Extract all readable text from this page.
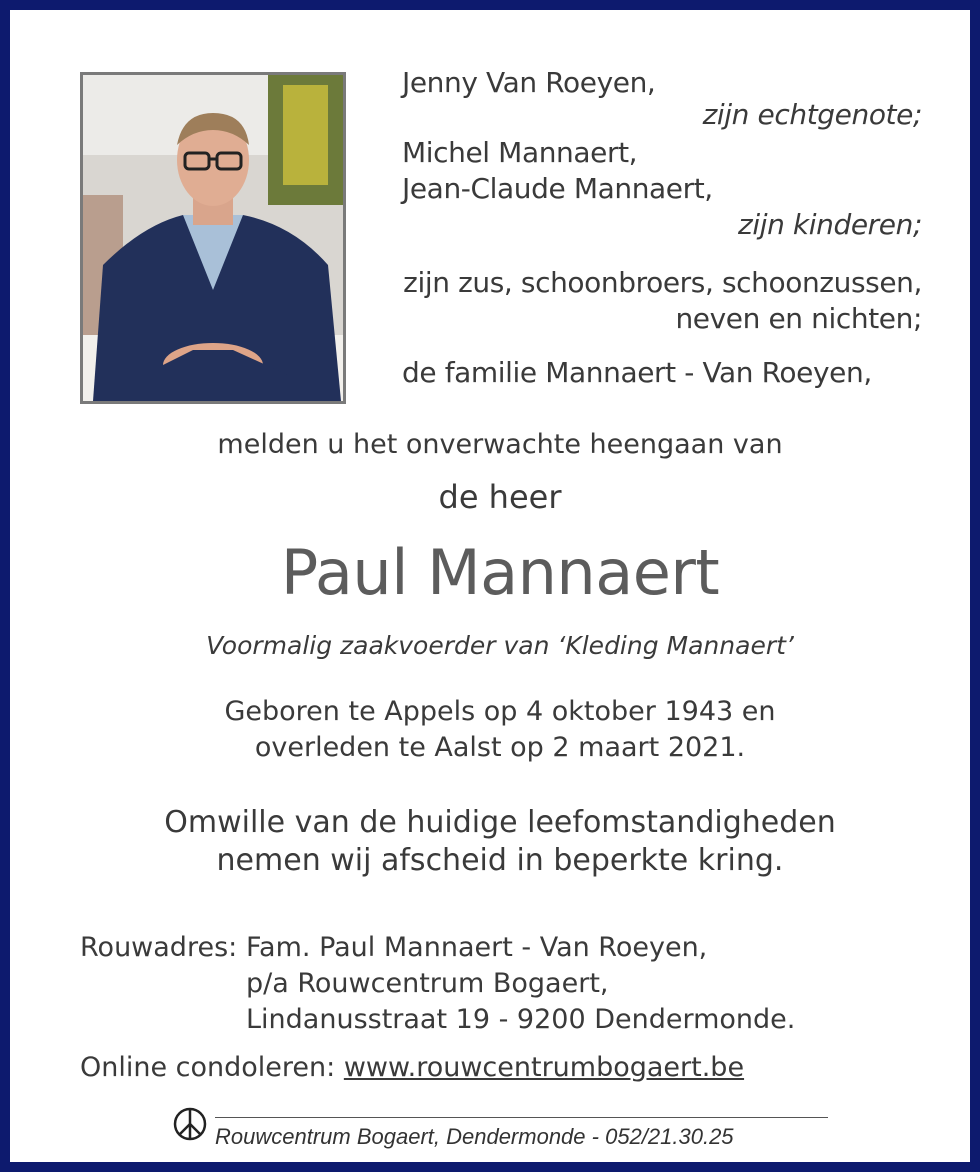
Jenny Van Roeyen,

zijn echtgenote;

Michel Mannaert,

Jean-Claude Mannaert,

zijn kinderen;

zijn zus, schoonbroers, schoonzussen,

neven en nichten;

de familie Mannaert - Van Roeyen,

melden u het onverwachte heengaan van

de heer

Paul Mannaert

Voormalig zaakvoerder van ‘Kleding Mannaert’

Geboren te Appels op 4 oktober 1943 en
overleden te Aalst op 2 maart 2021.
Omwille van de huidige leefomstandigheden
nemen wij afscheid in beperkte kring.

Rouwadres: Fam. Paul Mannaert - Van Roeyen,

p/a Rouwcentrum Bogaert,

Lindanusstraat 19 - 9200 Dendermonde.

Online condoleren: www.rouwcentrumbogaert.be
Rouwcentrum Bogaert, Dendermonde - 052/21.30.25
